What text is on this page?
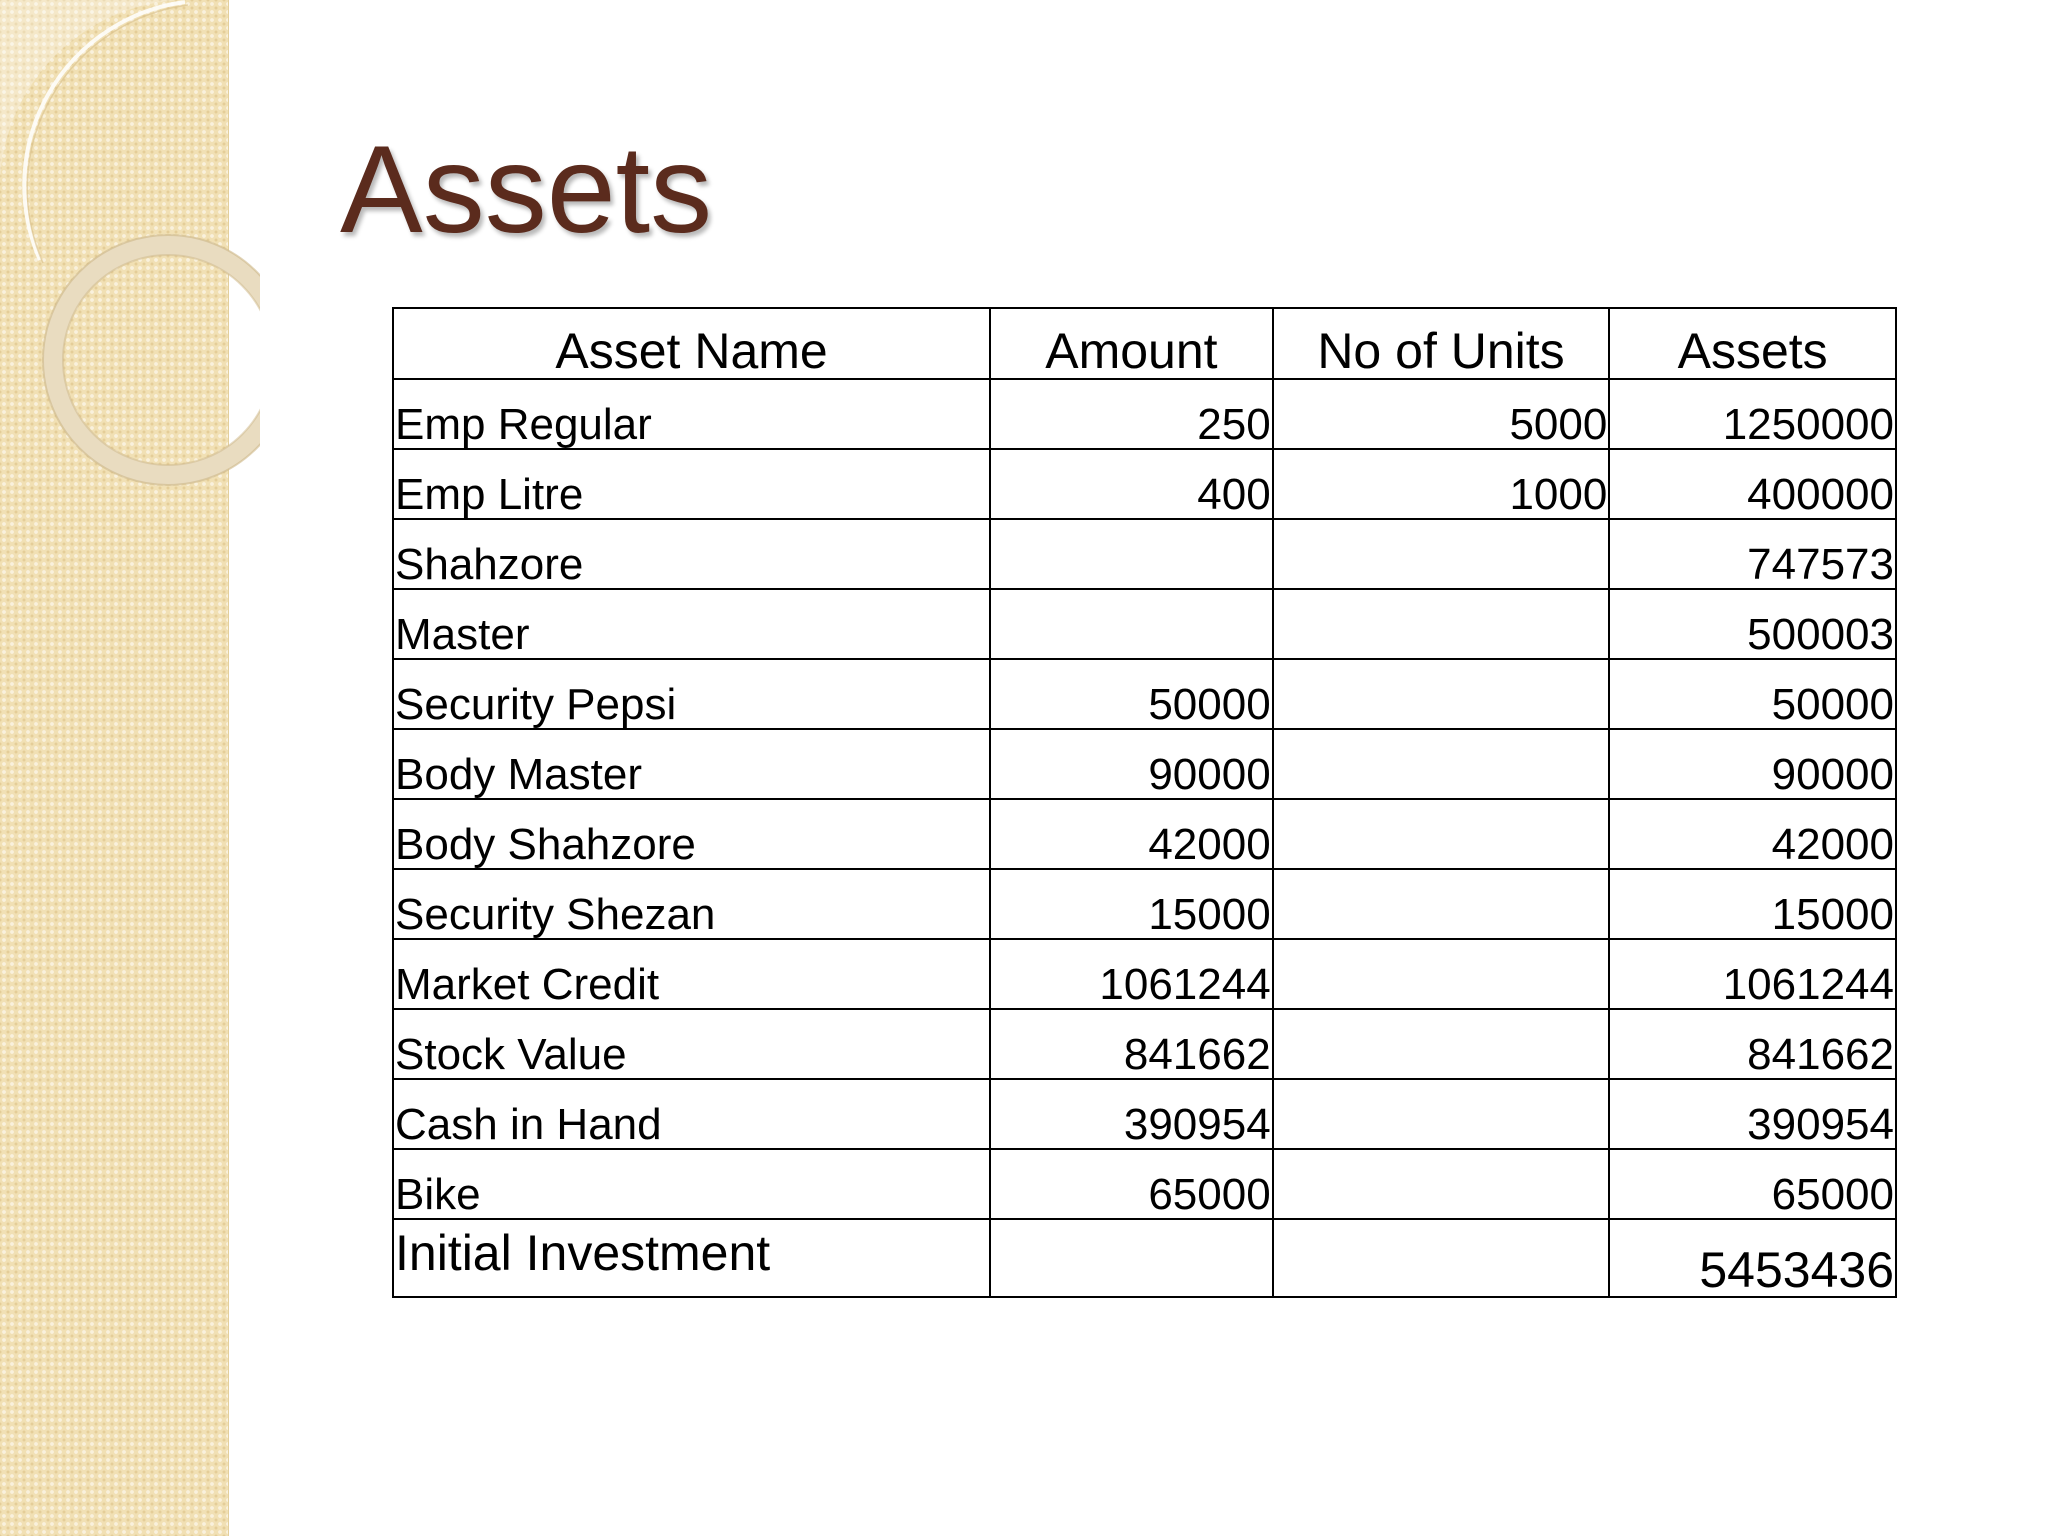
Assets
Asset Name	Amount	No of Units	Assets
Emp Regular	250	5000	1250000
Emp Litre	400	1000	400000
Shahzore			747573
Master			500003
Security Pepsi	50000		50000
Body Master	90000		90000
Body Shahzore	42000		42000
Security Shezan	15000		15000
Market Credit	1061244		1061244
Stock Value	841662		841662
Cash in Hand	390954		390954
Bike	65000		65000
Initial Investment			5453436
